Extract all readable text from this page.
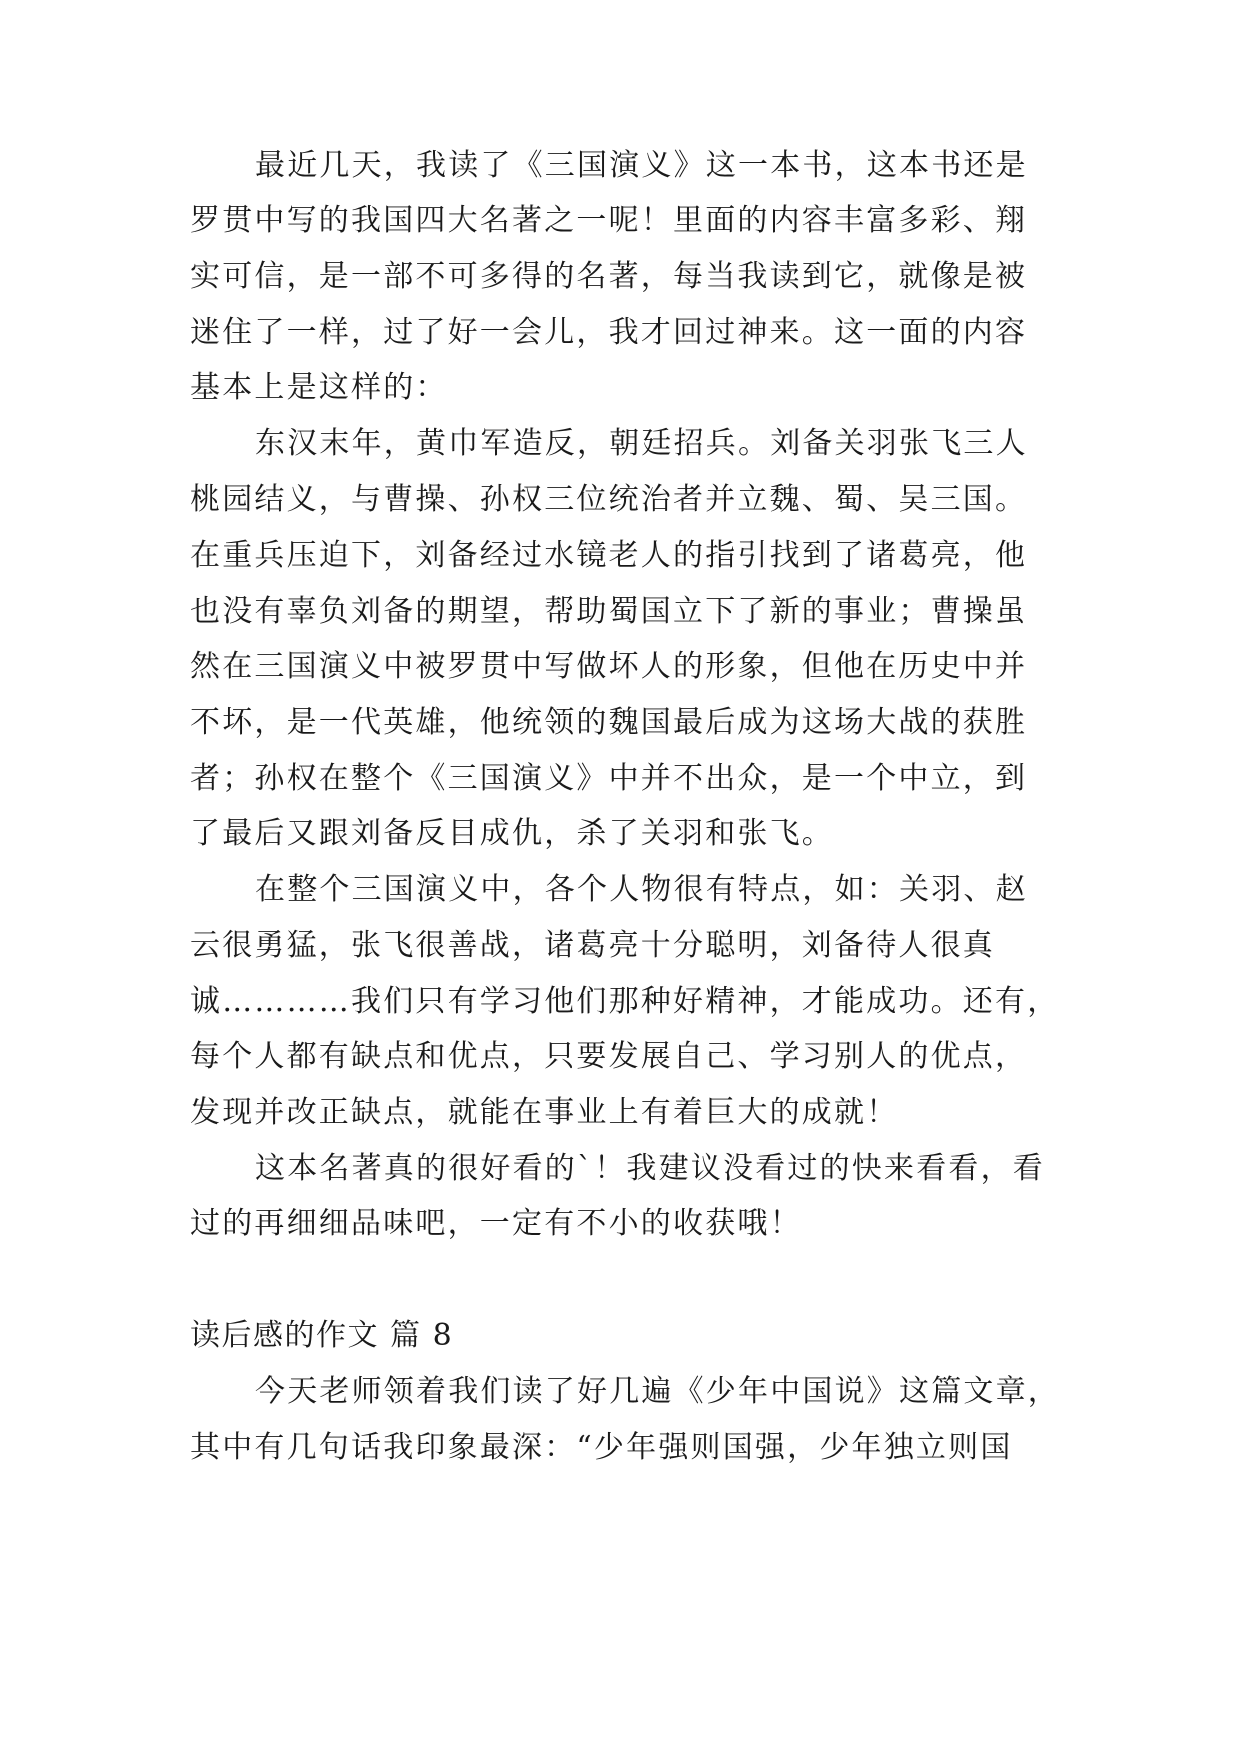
最近几天，我读了《三国演义》这一本书，这本书还是
罗贯中写的我国四大名著之一呢！里面的内容丰富多彩、翔
实可信，是一部不可多得的名著，每当我读到它，就像是被
迷住了一样，过了好一会儿，我才回过神来。这一面的内容
基本上是这样的：
东汉末年，黄巾军造反，朝廷招兵。刘备关羽张飞三人
桃园结义，与曹操、孙权三位统治者并立魏、蜀、吴三国。
在重兵压迫下，刘备经过水镜老人的指引找到了诸葛亮，他
也没有辜负刘备的期望，帮助蜀国立下了新的事业；曹操虽
然在三国演义中被罗贯中写做坏人的形象，但他在历史中并
不坏，是一代英雄，他统领的魏国最后成为这场大战的获胜
者；孙权在整个《三国演义》中并不出众，是一个中立，到
了最后又跟刘备反目成仇，杀了关羽和张飞。
在整个三国演义中，各个人物很有特点，如：关羽、赵
云很勇猛，张飞很善战，诸葛亮十分聪明，刘备待人很真
诚…………我们只有学习他们那种好精神，才能成功。还有，
每个人都有缺点和优点，只要发展自己、学习别人的优点，
发现并改正缺点，就能在事业上有着巨大的成就！
这本名著真的很好看的`！我建议没看过的快来看看，看
过的再细细品味吧，一定有不小的收获哦！
读后感的作文 篇 8
今天老师领着我们读了好几遍《少年中国说》这篇文章，
其中有几句话我印象最深：“少年强则国强，少年独立则国
